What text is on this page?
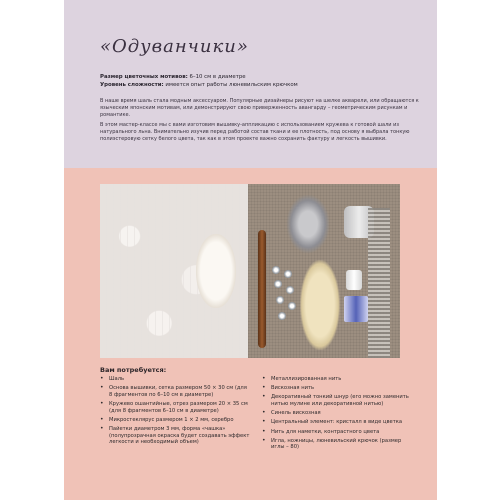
«Одуванчики»
Размер цветочных мотивов: 6–10 см в диаметре
Уровень сложности: имеется опыт работы люневильским крючком

В наше время шаль стала модным аксессуаром. Популярные дизайнеры рисуют на шелке акварели, или обращаются к языческим японским мотивам, или демонстрируют свою приверженность авангарду – геометрическим рисункам и романтике.

В этом мастер-классе мы с вами изготовим вышивку-аппликацию с использованием кружева к готовой шали из натурального льна. Внимательно изучив перед работой состав ткани и ее плотность, под основу я выбрала тонкую полиэстеровую сетку белого цвета, так как в этом проекте важно сохранить фактуру и легкость вышивки.

Вам потребуется:
• Шаль
• Основа вышивки, сетка размером 50 × 30 см (для 8 фрагментов по 6–10 см в диаметре)
• Кружево ошантийные, отрез размером 20 × 35 см (для 8 фрагментов 6–10 см в диаметре)
• Микростеклярус размером 1 × 2 мм, серебро
• Пайетки диаметром 3 мм, форма «чашка» (полупрозрачная окраска будет создавать эффект легкости и необходимый объем)
• Металлизированная нить
• Вискозная нить
• Декоративный тонкий шнур (его можно заменить нитью мулине или декоративной нитью)
• Синель вискозная
• Центральный элемент: кристалл в виде цветка
• Нить для наметки, контрастного цвета
• Игла, ножницы, люневильский крючок (размер иглы – 80)
